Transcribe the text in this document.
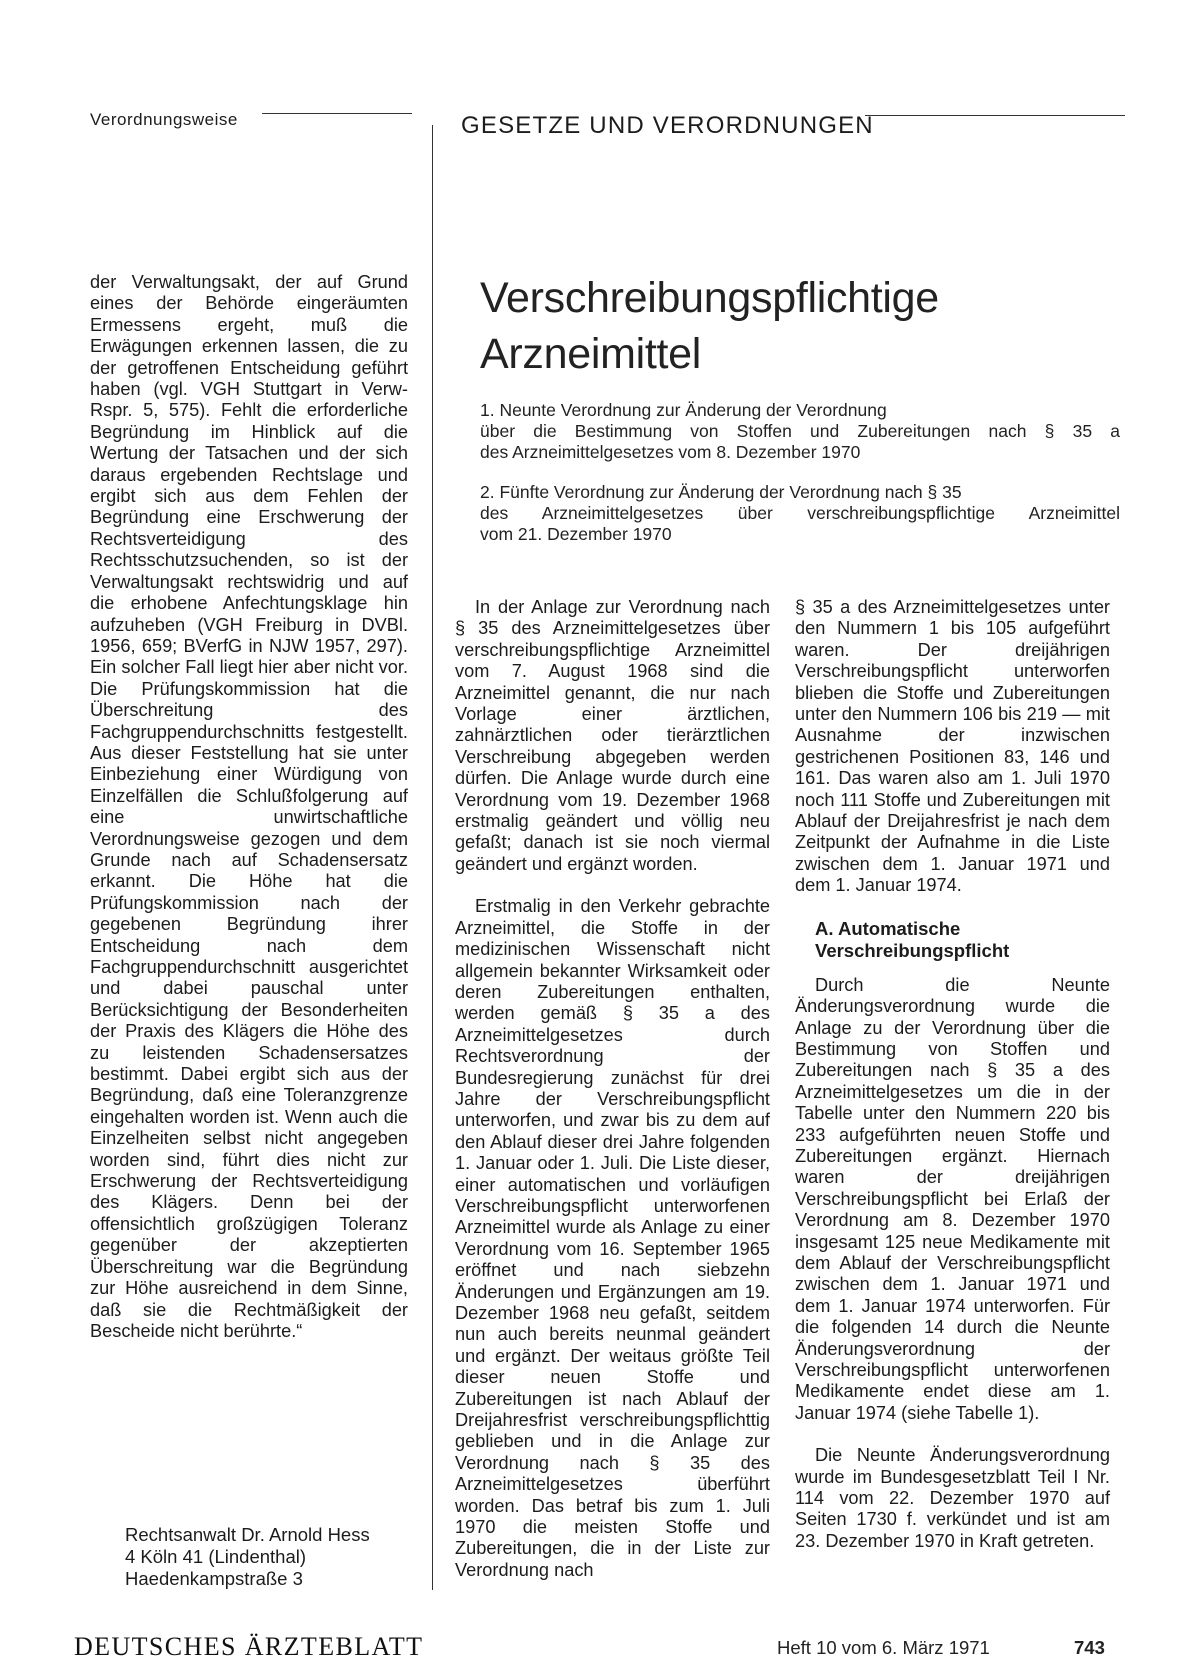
Verordnungsweise	GESETZE UND VERORDNUNGEN

der Verwaltungsakt, der auf Grund eines der Behörde eingeräumten Ermessens ergeht, muß die Erwägungen erkennen lassen, die zu der getroffenen Entscheidung geführt haben (vgl. VGH Stuttgart in Verw-Rspr. 5, 575). Fehlt die erforderliche Begründung im Hinblick auf die Wertung der Tatsachen und der sich daraus ergebenden Rechtslage und ergibt sich aus dem Fehlen der Begründung eine Erschwerung der Rechtsverteidigung des Rechtsschutzsuchenden, so ist der Verwaltungsakt rechtswidrig und auf die erhobene Anfechtungsklage hin aufzuheben (VGH Freiburg in DVBl. 1956, 659; BVerfG in NJW 1957, 297). Ein solcher Fall liegt hier aber nicht vor. Die Prüfungskommission hat die Überschreitung des Fachgruppendurchschnitts festgestellt. Aus dieser Feststellung hat sie unter Einbeziehung einer Würdigung von Einzelfällen die Schlußfolgerung auf eine unwirtschaftliche Verordnungsweise gezogen und dem Grunde nach auf Schadensersatz erkannt. Die Höhe hat die Prüfungskommission nach der gegebenen Begründung ihrer Entscheidung nach dem Fachgruppendurchschnitt ausgerichtet und dabei pauschal unter Berücksichtigung der Besonderheiten der Praxis des Klägers die Höhe des zu leistenden Schadensersatzes bestimmt. Dabei ergibt sich aus der Begründung, daß eine Toleranzgrenze eingehalten worden ist. Wenn auch die Einzelheiten selbst nicht angegeben worden sind, führt dies nicht zur Erschwerung der Rechtsverteidigung des Klägers. Denn bei der offensichtlich großzügigen Toleranz gegenüber der akzeptierten Überschreitung war die Begründung zur Höhe ausreichend in dem Sinne, daß sie die Rechtmäßigkeit der Bescheide nicht berührte.“

Rechtsanwalt Dr. Arnold Hess
4 Köln 41 (Lindenthal)
Haedenkampstraße 3
Verschreibungspflichtige
Arzneimittel
1. Neunte Verordnung zur Änderung der Verordnung
über die Bestimmung von Stoffen und Zubereitungen nach § 35 a
des Arzneimittelgesetzes vom 8. Dezember 1970
2. Fünfte Verordnung zur Änderung der Verordnung nach § 35
des Arzneimittelgesetzes über verschreibungspflichtige Arzneimittel
vom 21. Dezember 1970

In der Anlage zur Verordnung nach § 35 des Arzneimittelgesetzes über verschreibungspflichtige Arzneimittel vom 7. August 1968 sind die Arzneimittel genannt, die nur nach Vorlage einer ärztlichen, zahnärztlichen oder tierärztlichen Verschreibung abgegeben werden dürfen. Die Anlage wurde durch eine Verordnung vom 19. Dezember 1968 erstmalig geändert und völlig neu gefaßt; danach ist sie noch viermal geändert und ergänzt worden.

Erstmalig in den Verkehr gebrachte Arzneimittel, die Stoffe in der medizinischen Wissenschaft nicht allgemein bekannter Wirksamkeit oder deren Zubereitungen enthalten, werden gemäß § 35 a des Arzneimittelgesetzes durch Rechtsverordnung der Bundesregierung zunächst für drei Jahre der Verschreibungspflicht unterworfen, und zwar bis zu dem auf den Ablauf dieser drei Jahre folgenden 1. Januar oder 1. Juli. Die Liste dieser, einer automatischen und vorläufigen Verschreibungspflicht unterworfenen Arzneimittel wurde als Anlage zu einer Verordnung vom 16. September 1965 eröffnet und nach siebzehn Änderungen und Ergänzungen am 19. Dezember 1968 neu gefaßt, seitdem nun auch bereits neunmal geändert und ergänzt. Der weitaus größte Teil dieser neuen Stoffe und Zubereitungen ist nach Ablauf der Dreijahresfrist verschreibungspflichttig geblieben und in die Anlage zur Verordnung nach § 35 des Arzneimittelgesetzes überführt worden. Das betraf bis zum 1. Juli 1970 die meisten Stoffe und Zubereitungen, die in der Liste zur Verordnung nach

§ 35 a des Arzneimittelgesetzes unter den Nummern 1 bis 105 aufgeführt waren. Der dreijährigen Verschreibungspflicht unterworfen blieben die Stoffe und Zubereitungen unter den Nummern 106 bis 219 — mit Ausnahme der inzwischen gestrichenen Positionen 83, 146 und 161. Das waren also am 1. Juli 1970 noch 111 Stoffe und Zubereitungen mit Ablauf der Dreijahresfrist je nach dem Zeitpunkt der Aufnahme in die Liste zwischen dem 1. Januar 1971 und dem 1. Januar 1974.

A. Automatische
Verschreibungspflicht

Durch die Neunte Änderungsverordnung wurde die Anlage zu der Verordnung über die Bestimmung von Stoffen und Zubereitungen nach § 35 a des Arzneimittelgesetzes um die in der Tabelle unter den Nummern 220 bis 233 aufgeführten neuen Stoffe und Zubereitungen ergänzt. Hiernach waren der dreijährigen Verschreibungspflicht bei Erlaß der Verordnung am 8. Dezember 1970 insgesamt 125 neue Medikamente mit dem Ablauf der Verschreibungspflicht zwischen dem 1. Januar 1971 und dem 1. Januar 1974 unterworfen. Für die folgenden 14 durch die Neunte Änderungsverordnung der Verschreibungspflicht unterworfenen Medikamente endet diese am 1. Januar 1974 (siehe Tabelle 1).

Die Neunte Änderungsverordnung wurde im Bundesgesetzblatt Teil I Nr. 114 vom 22. Dezember 1970 auf Seiten 1730 f. verkündet und ist am 23. Dezember 1970 in Kraft getreten.

DEUTSCHES ÄRZTEBLATT	Heft 10 vom 6. März 1971	743
